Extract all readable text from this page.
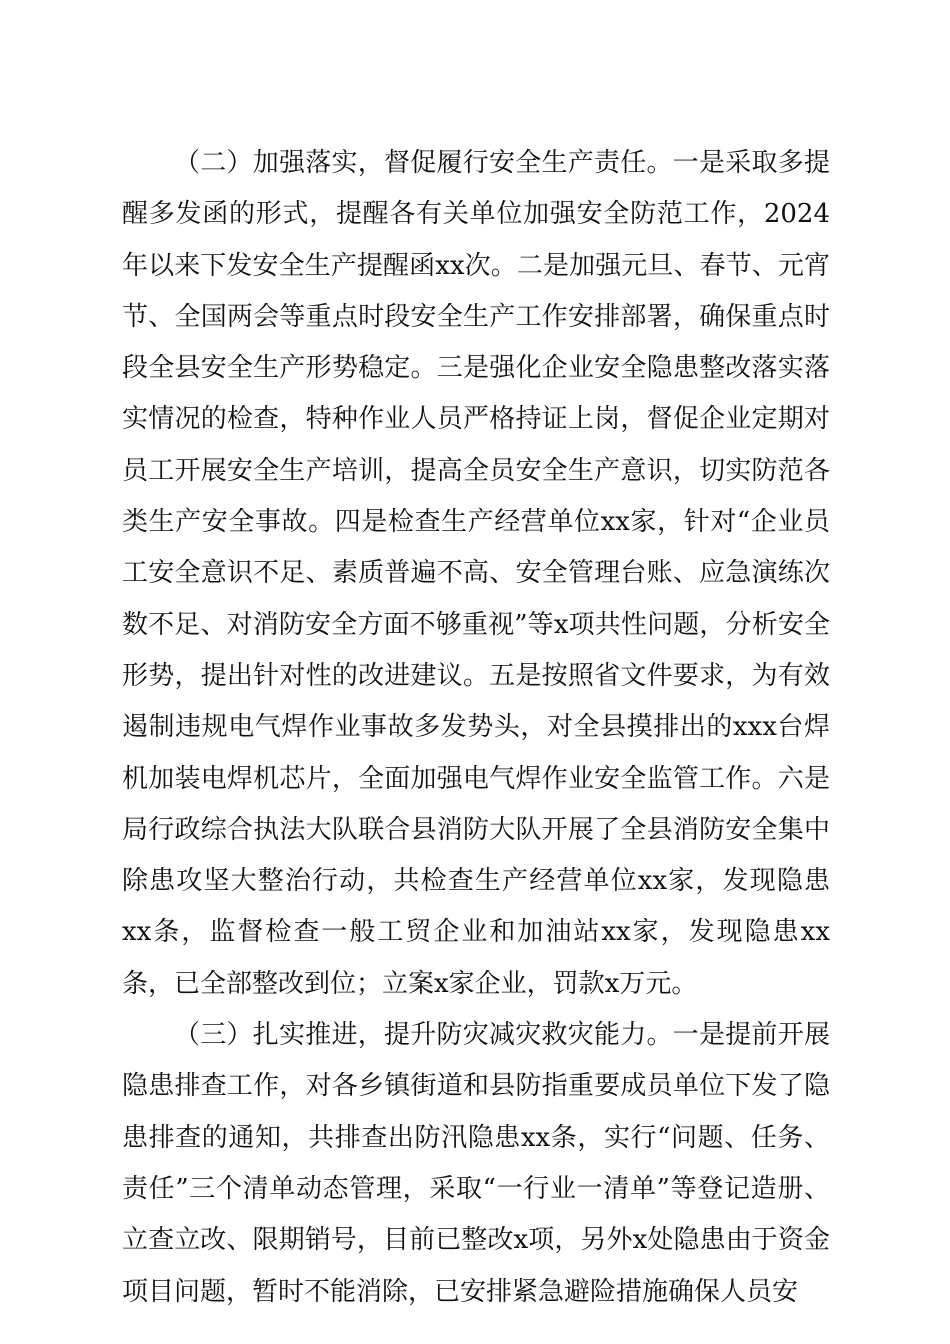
（二）加强落实，督促履行安全生产责任。一是采取多提醒多发函的形式，提醒各有关单位加强安全防范工作，2024年以来下发安全生产提醒函xx次。二是加强元旦、春节、元宵节、全国两会等重点时段安全生产工作安排部署，确保重点时段全县安全生产形势稳定。三是强化企业安全隐患整改落实落实情况的检查，特种作业人员严格持证上岗，督促企业定期对员工开展安全生产培训，提高全员安全生产意识，切实防范各类生产安全事故。四是检查生产经营单位xx家，针对“企业员工安全意识不足、素质普遍不高、安全管理台账、应急演练次数不足、对消防安全方面不够重视”等x项共性问题，分析安全形势，提出针对性的改进建议。五是按照省文件要求，为有效遏制违规电气焊作业事故多发势头，对全县摸排出的xxx台焊机加装电焊机芯片，全面加强电气焊作业安全监管工作。六是局行政综合执法大队联合县消防大队开展了全县消防安全集中除患攻坚大整治行动，共检查生产经营单位xx家，发现隐患xx条，监督检查一般工贸企业和加油站xx家，发现隐患xx条，已全部整改到位；立案x家企业，罚款x万元。

（三）扎实推进，提升防灾减灾救灾能力。一是提前开展隐患排查工作，对各乡镇街道和县防指重要成员单位下发了隐患排查的通知，共排查出防汛隐患xx条，实行“问题、任务、责任”三个清单动态管理，采取“一行业一清单”等登记造册、立查立改、限期销号，目前已整改x项，另外x处隐患由于资金项目问题，暂时不能消除，已安排紧急避险措施确保人员安
